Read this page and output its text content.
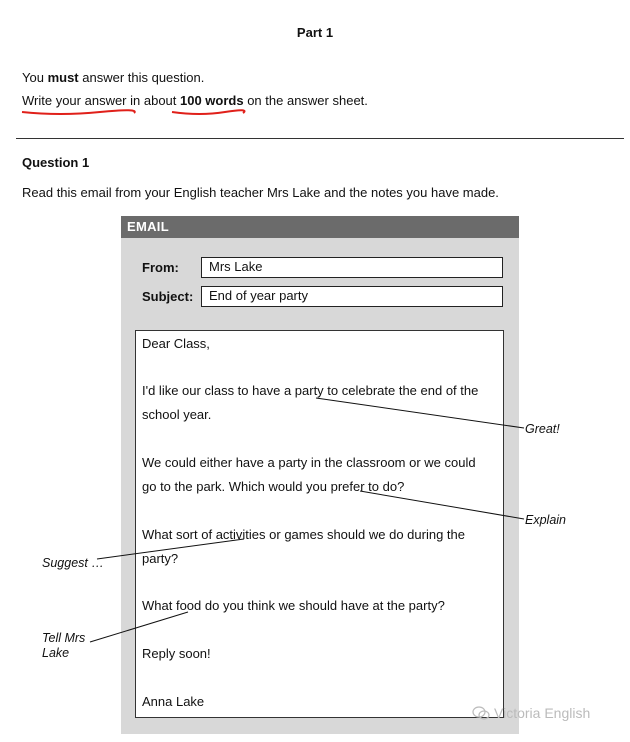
Part 1
You must answer this question.
Write your answer in about 100 words on the answer sheet.
Question 1
Read this email from your English teacher Mrs Lake and the notes you have made.
EMAIL
From:	Mrs Lake
Subject:	End of year party
Dear Class,
I'd like our class to have a party to celebrate the end of the
school year.
We could either have a party in the classroom or we could
go to the park. Which would you prefer to do?
What sort of activities or games should we do during the
party?
What food do you think we should have at the party?
Reply soon!
Anna Lake
Great!
Explain
Suggest …
Tell Mrs
Lake
Victoria English
